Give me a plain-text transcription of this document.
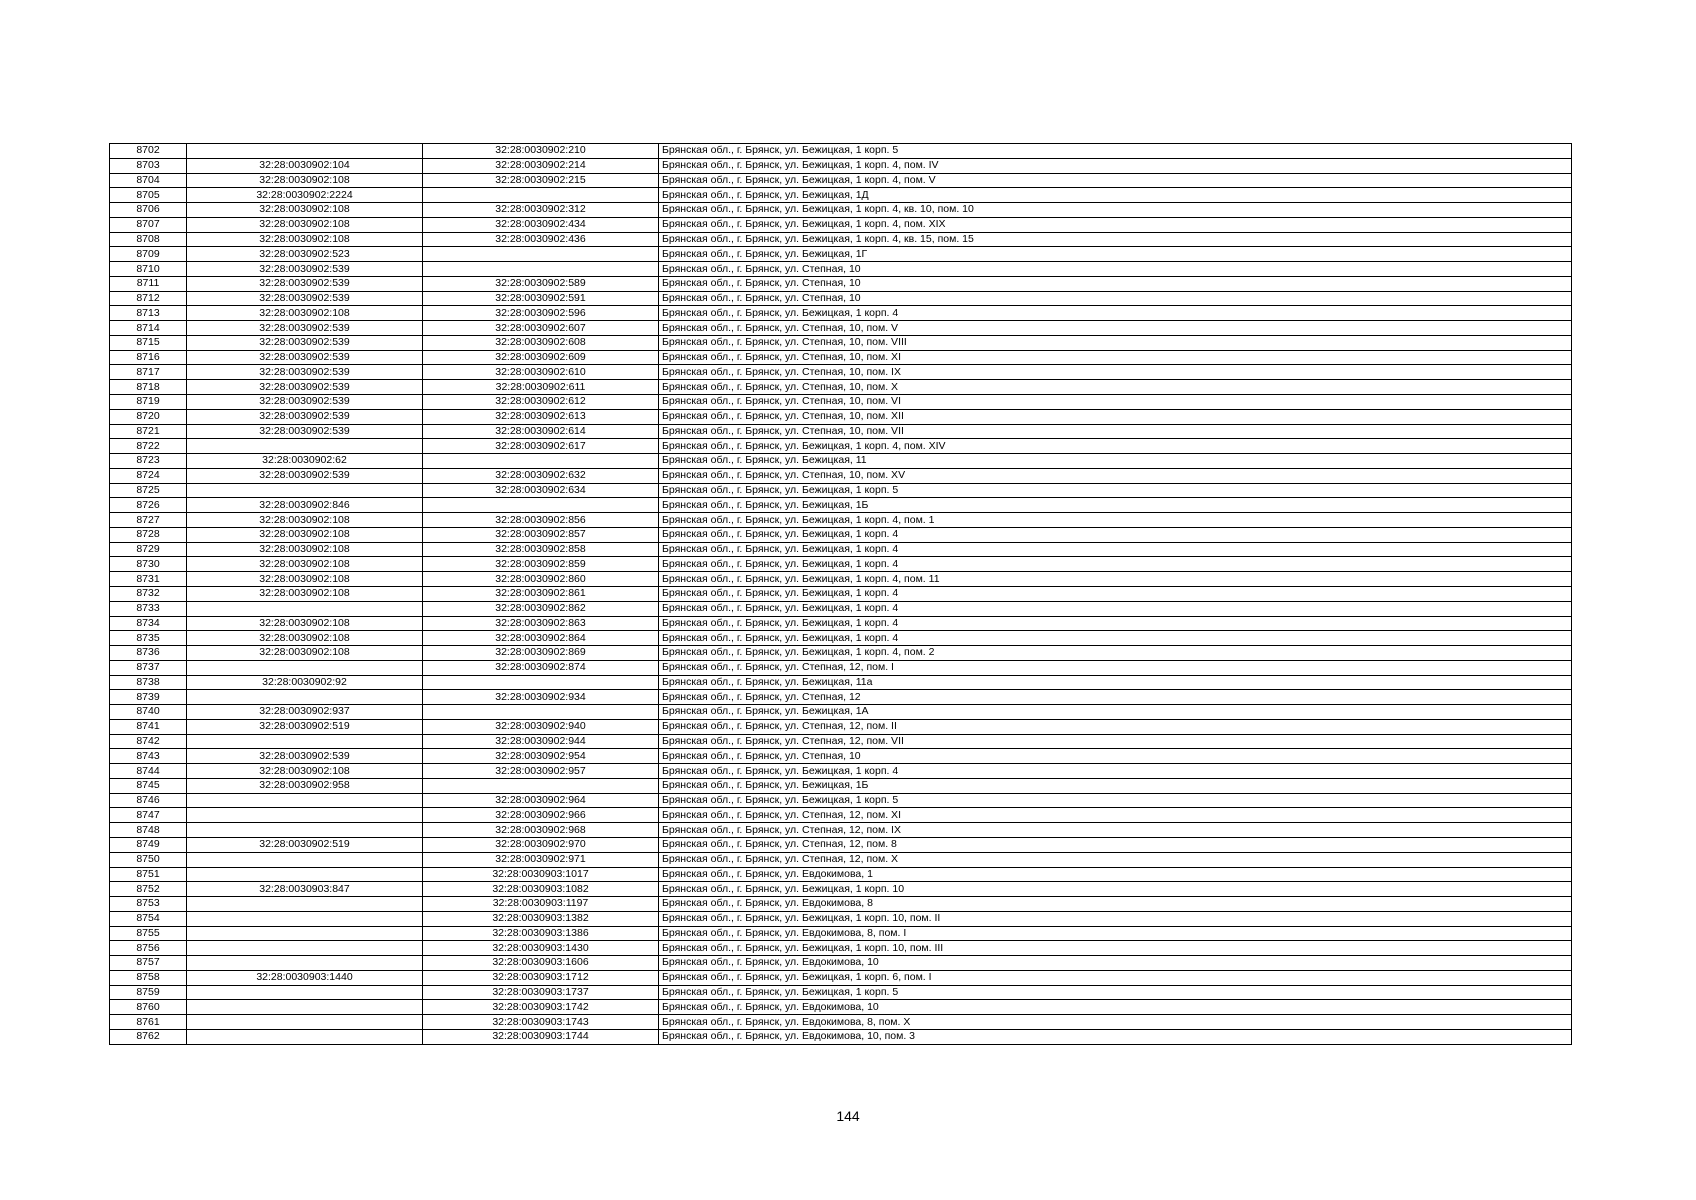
8702		32:28:0030902:210	Брянская обл., г. Брянск, ул. Бежицкая, 1 корп. 5
8703	32:28:0030902:104	32:28:0030902:214	Брянская обл., г. Брянск, ул. Бежицкая, 1 корп. 4, пом. IV
8704	32:28:0030902:108	32:28:0030902:215	Брянская обл., г. Брянск, ул. Бежицкая, 1 корп. 4, пом. V
8705	32:28:0030902:2224		Брянская обл., г. Брянск, ул. Бежицкая, 1Д
8706	32:28:0030902:108	32:28:0030902:312	Брянская обл., г. Брянск, ул. Бежицкая, 1 корп. 4, кв. 10, пом. 10
8707	32:28:0030902:108	32:28:0030902:434	Брянская обл., г. Брянск, ул. Бежицкая, 1 корп. 4, пом. XIX
8708	32:28:0030902:108	32:28:0030902:436	Брянская обл., г. Брянск, ул. Бежицкая, 1 корп. 4, кв. 15, пом. 15
8709	32:28:0030902:523		Брянская обл., г. Брянск, ул. Бежицкая, 1Г
8710	32:28:0030902:539		Брянская обл., г. Брянск, ул. Степная, 10
8711	32:28:0030902:539	32:28:0030902:589	Брянская обл., г. Брянск, ул. Степная, 10
8712	32:28:0030902:539	32:28:0030902:591	Брянская обл., г. Брянск, ул. Степная, 10
8713	32:28:0030902:108	32:28:0030902:596	Брянская обл., г. Брянск, ул. Бежицкая, 1 корп. 4
8714	32:28:0030902:539	32:28:0030902:607	Брянская обл., г. Брянск, ул. Степная, 10, пом. V
8715	32:28:0030902:539	32:28:0030902:608	Брянская обл., г. Брянск, ул. Степная, 10, пом. VIII
8716	32:28:0030902:539	32:28:0030902:609	Брянская обл., г. Брянск, ул. Степная, 10, пом. XI
8717	32:28:0030902:539	32:28:0030902:610	Брянская обл., г. Брянск, ул. Степная, 10, пом. IX
8718	32:28:0030902:539	32:28:0030902:611	Брянская обл., г. Брянск, ул. Степная, 10, пом. X
8719	32:28:0030902:539	32:28:0030902:612	Брянская обл., г. Брянск, ул. Степная, 10, пом. VI
8720	32:28:0030902:539	32:28:0030902:613	Брянская обл., г. Брянск, ул. Степная, 10, пом. XII
8721	32:28:0030902:539	32:28:0030902:614	Брянская обл., г. Брянск, ул. Степная, 10, пом. VII
8722		32:28:0030902:617	Брянская обл., г. Брянск, ул. Бежицкая, 1 корп. 4, пом. XIV
8723	32:28:0030902:62		Брянская обл., г. Брянск, ул. Бежицкая, 11
8724	32:28:0030902:539	32:28:0030902:632	Брянская обл., г. Брянск, ул. Степная, 10, пом. XV
8725		32:28:0030902:634	Брянская обл., г. Брянск, ул. Бежицкая, 1 корп. 5
8726	32:28:0030902:846		Брянская обл., г. Брянск, ул. Бежицкая, 1Б
8727	32:28:0030902:108	32:28:0030902:856	Брянская обл., г. Брянск, ул. Бежицкая, 1 корп. 4, пом. 1
8728	32:28:0030902:108	32:28:0030902:857	Брянская обл., г. Брянск, ул. Бежицкая, 1 корп. 4
8729	32:28:0030902:108	32:28:0030902:858	Брянская обл., г. Брянск, ул. Бежицкая, 1 корп. 4
8730	32:28:0030902:108	32:28:0030902:859	Брянская обл., г. Брянск, ул. Бежицкая, 1 корп. 4
8731	32:28:0030902:108	32:28:0030902:860	Брянская обл., г. Брянск, ул. Бежицкая, 1 корп. 4, пом. 11
8732	32:28:0030902:108	32:28:0030902:861	Брянская обл., г. Брянск, ул. Бежицкая, 1 корп. 4
8733		32:28:0030902:862	Брянская обл., г. Брянск, ул. Бежицкая, 1 корп. 4
8734	32:28:0030902:108	32:28:0030902:863	Брянская обл., г. Брянск, ул. Бежицкая, 1 корп. 4
8735	32:28:0030902:108	32:28:0030902:864	Брянская обл., г. Брянск, ул. Бежицкая, 1 корп. 4
8736	32:28:0030902:108	32:28:0030902:869	Брянская обл., г. Брянск, ул. Бежицкая, 1 корп. 4, пом. 2
8737		32:28:0030902:874	Брянская обл., г. Брянск, ул. Степная, 12, пом. I
8738	32:28:0030902:92		Брянская обл., г. Брянск, ул. Бежицкая, 11а
8739		32:28:0030902:934	Брянская обл., г. Брянск, ул. Степная, 12
8740	32:28:0030902:937		Брянская обл., г. Брянск, ул. Бежицкая, 1А
8741	32:28:0030902:519	32:28:0030902:940	Брянская обл., г. Брянск, ул. Степная, 12, пом. II
8742		32:28:0030902:944	Брянская обл., г. Брянск, ул. Степная, 12, пом. VII
8743	32:28:0030902:539	32:28:0030902:954	Брянская обл., г. Брянск, ул. Степная, 10
8744	32:28:0030902:108	32:28:0030902:957	Брянская обл., г. Брянск, ул. Бежицкая, 1 корп. 4
8745	32:28:0030902:958		Брянская обл., г. Брянск, ул. Бежицкая, 1Б
8746		32:28:0030902:964	Брянская обл., г. Брянск, ул. Бежицкая, 1 корп. 5
8747		32:28:0030902:966	Брянская обл., г. Брянск, ул. Степная, 12, пом. XI
8748		32:28:0030902:968	Брянская обл., г. Брянск, ул. Степная, 12, пом. IX
8749	32:28:0030902:519	32:28:0030902:970	Брянская обл., г. Брянск, ул. Степная, 12, пом. 8
8750		32:28:0030902:971	Брянская обл., г. Брянск, ул. Степная, 12, пом. X
8751		32:28:0030903:1017	Брянская обл., г. Брянск, ул. Евдокимова, 1
8752	32:28:0030903:847	32:28:0030903:1082	Брянская обл., г. Брянск, ул. Бежицкая, 1 корп. 10
8753		32:28:0030903:1197	Брянская обл., г. Брянск, ул. Евдокимова, 8
8754		32:28:0030903:1382	Брянская обл., г. Брянск, ул. Бежицкая, 1 корп. 10, пом. II
8755		32:28:0030903:1386	Брянская обл., г. Брянск, ул. Евдокимова, 8, пом. I
8756		32:28:0030903:1430	Брянская обл., г. Брянск, ул. Бежицкая, 1 корп. 10, пом. III
8757		32:28:0030903:1606	Брянская обл., г. Брянск, ул. Евдокимова, 10
8758	32:28:0030903:1440	32:28:0030903:1712	Брянская обл., г. Брянск, ул. Бежицкая, 1 корп. 6, пом. I
8759		32:28:0030903:1737	Брянская обл., г. Брянск, ул. Бежицкая, 1 корп. 5
8760		32:28:0030903:1742	Брянская обл., г. Брянск, ул. Евдокимова, 10
8761		32:28:0030903:1743	Брянская обл., г. Брянск, ул. Евдокимова, 8, пом. X
8762		32:28:0030903:1744	Брянская обл., г. Брянск, ул. Евдокимова, 10, пом. 3
144
